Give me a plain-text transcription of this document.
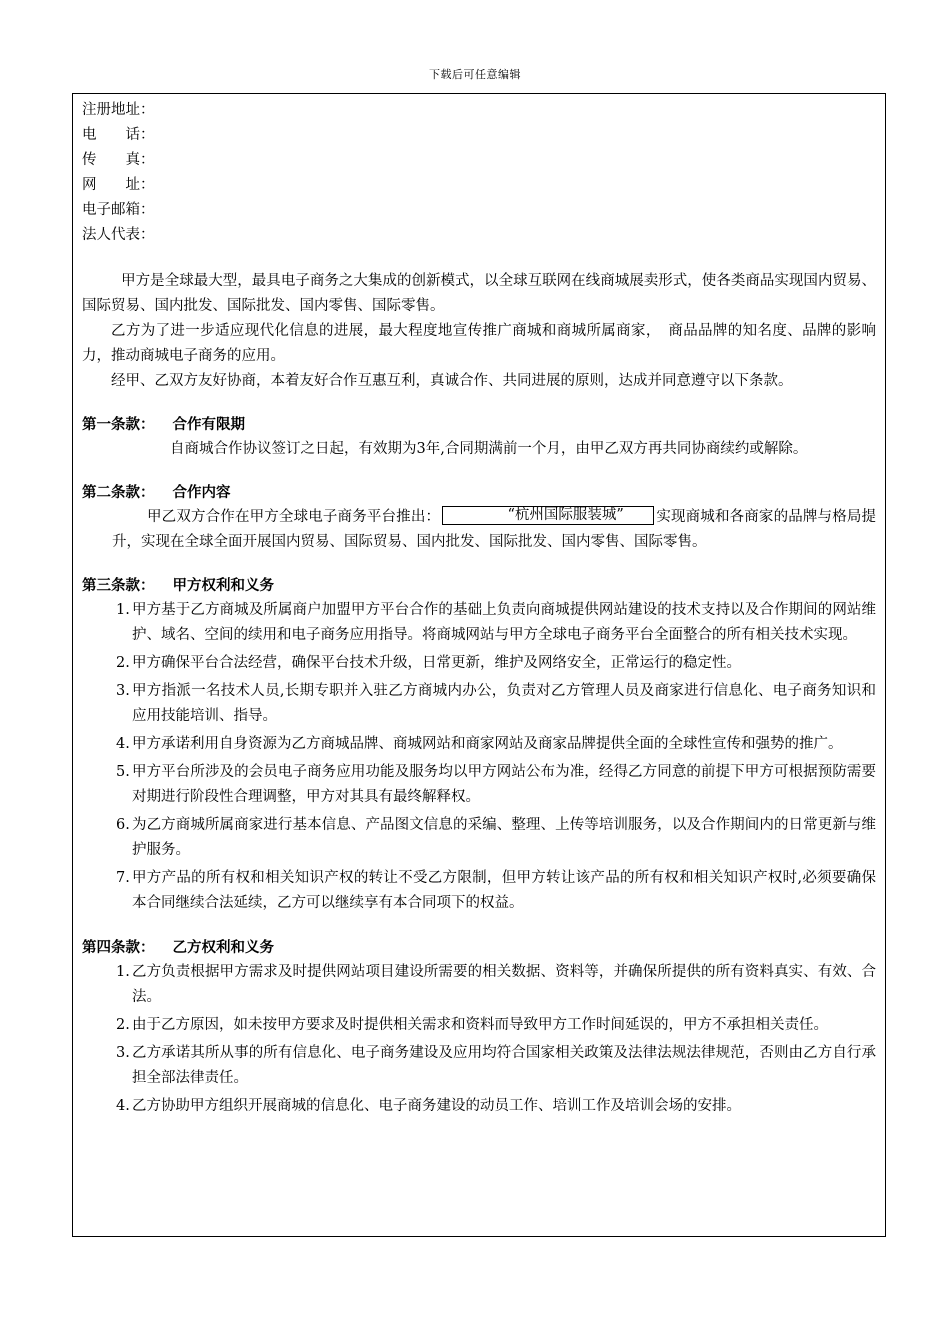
下载后可任意编辑
注册地址：
电　　话：
传　　真：
网　　址：
电子邮箱：
法人代表：

甲方是全球最大型，最具电子商务之大集成的创新模式，以全球互联网在线商城展卖形式，使各类商品实现国内贸易、国际贸易、国内批发、国际批发、国内零售、国际零售。

乙方为了进一步适应现代化信息的进展，最大程度地宣传推广商城和商城所属商家，　商品品牌的知名度、品牌的影响力，推动商城电子商务的应用。

经甲、乙双方友好协商，本着友好合作互惠互利，真诚合作、共同进展的原则，达成并同意遵守以下条款。

第一条款： 合作有限期

自商城合作协议签订之日起，有效期为3年,合同期满前一个月，由甲乙双方再共同协商续约或解除。

第二条款： 合作内容

甲乙双方合作在甲方全球电子商务平台推出：	“杭州国际服装城” 实现商城和各商家的品牌与格局提升，实现在全球全面开展国内贸易、国际贸易、国内批发、国际批发、国内零售、国际零售。

第三条款： 甲方权利和义务

1. 甲方基于乙方商城及所属商户加盟甲方平台合作的基础上负责向商城提供网站建设的技术支持以及合作期间的网站维护、域名、空间的续用和电子商务应用指导。将商城网站与甲方全球电子商务平台全面整合的所有相关技术实现。
2. 甲方确保平台合法经营，确保平台技术升级，日常更新，维护及网络安全，正常运行的稳定性。
3. 甲方指派一名技术人员,长期专职并入驻乙方商城内办公，负责对乙方管理人员及商家进行信息化、电子商务知识和应用技能培训、指导。
4. 甲方承诺利用自身资源为乙方商城品牌、商城网站和商家网站及商家品牌提供全面的全球性宣传和强势的推广。
5. 甲方平台所涉及的会员电子商务应用功能及服务均以甲方网站公布为准，经得乙方同意的前提下甲方可根据预防需要对期进行阶段性合理调整，甲方对其具有最终解释权。
6. 为乙方商城所属商家进行基本信息、产品图文信息的采编、整理、上传等培训服务，以及合作期间内的日常更新与维护服务。
7. 甲方产品的所有权和相关知识产权的转让不受乙方限制，但甲方转让该产品的所有权和相关知识产权时,必须要确保本合同继续合法延续，乙方可以继续享有本合同项下的权益。

第四条款： 乙方权利和义务

1. 乙方负责根据甲方需求及时提供网站项目建设所需要的相关数据、资料等，并确保所提供的所有资料真实、有效、合法。
2. 由于乙方原因，如未按甲方要求及时提供相关需求和资料而导致甲方工作时间延误的，甲方不承担相关责任。
3. 乙方承诺其所从事的所有信息化、电子商务建设及应用均符合国家相关政策及法律法规法律规范，否则由乙方自行承担全部法律责任。
4. 乙方协助甲方组织开展商城的信息化、电子商务建设的动员工作、培训工作及培训会场的安排。
